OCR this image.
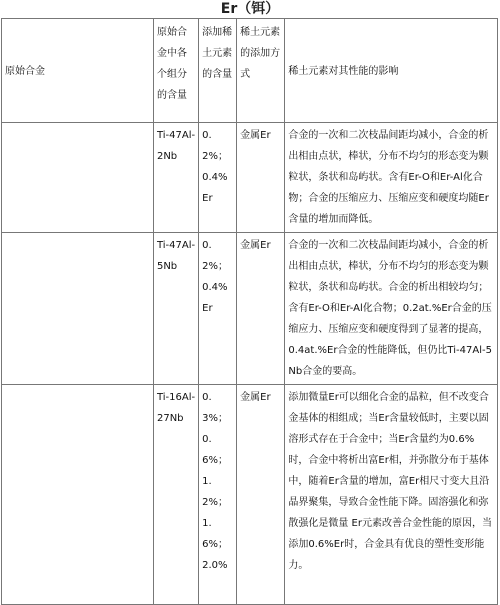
Er（铒）
原始合金	原始合金中各个组分的含量	添加稀土元素的含量	稀土元素的添加方式	稀土元素对其性能的影响
	Ti-47Al-2Nb	0.2%；0.4%Er	金属Er	合金的一次和二次枝晶间距均减小，合金的析出相由点状，棒状，分布不均匀的形态变为颗粒状，条状和岛屿状。含有Er-O和Er-Al化合物；合金的压缩应力、压缩应变和硬度均随Er含量的增加而降低。
	Ti-47Al-5Nb	0.2%；0.4%Er	金属Er	合金的一次和二次枝晶间距均减小，合金的析出相由点状，棒状，分布不均匀的形态变为颗粒状，条状和岛屿状。合金的析出相较均匀；含有Er-O和Er-Al化合物；0.2at.%Er合金的压缩应力、压缩应变和硬度得到了显著的提高，0.4at.%Er合金的性能降低，但仍比Ti-47Al-5Nb合金的要高。
	Ti-16Al-27Nb	0.3%；0.6%；1.2%；1.6%；2.0%	金属Er	添加微量Er可以细化合金的晶粒，但不改变合金基体的相组成；当Er含量较低时，主要以固溶形式存在于合金中；当Er含量约为0.6%时，合金中将析出富Er相，并弥散分布于基体中，随着Er含量的增加，富Er相尺寸变大且沿晶界聚集，导致合金性能下降。固溶强化和弥散强化是微量 Er元素改善合金性能的原因，当添加0.6%Er时，合金具有优良的塑性变形能力。
